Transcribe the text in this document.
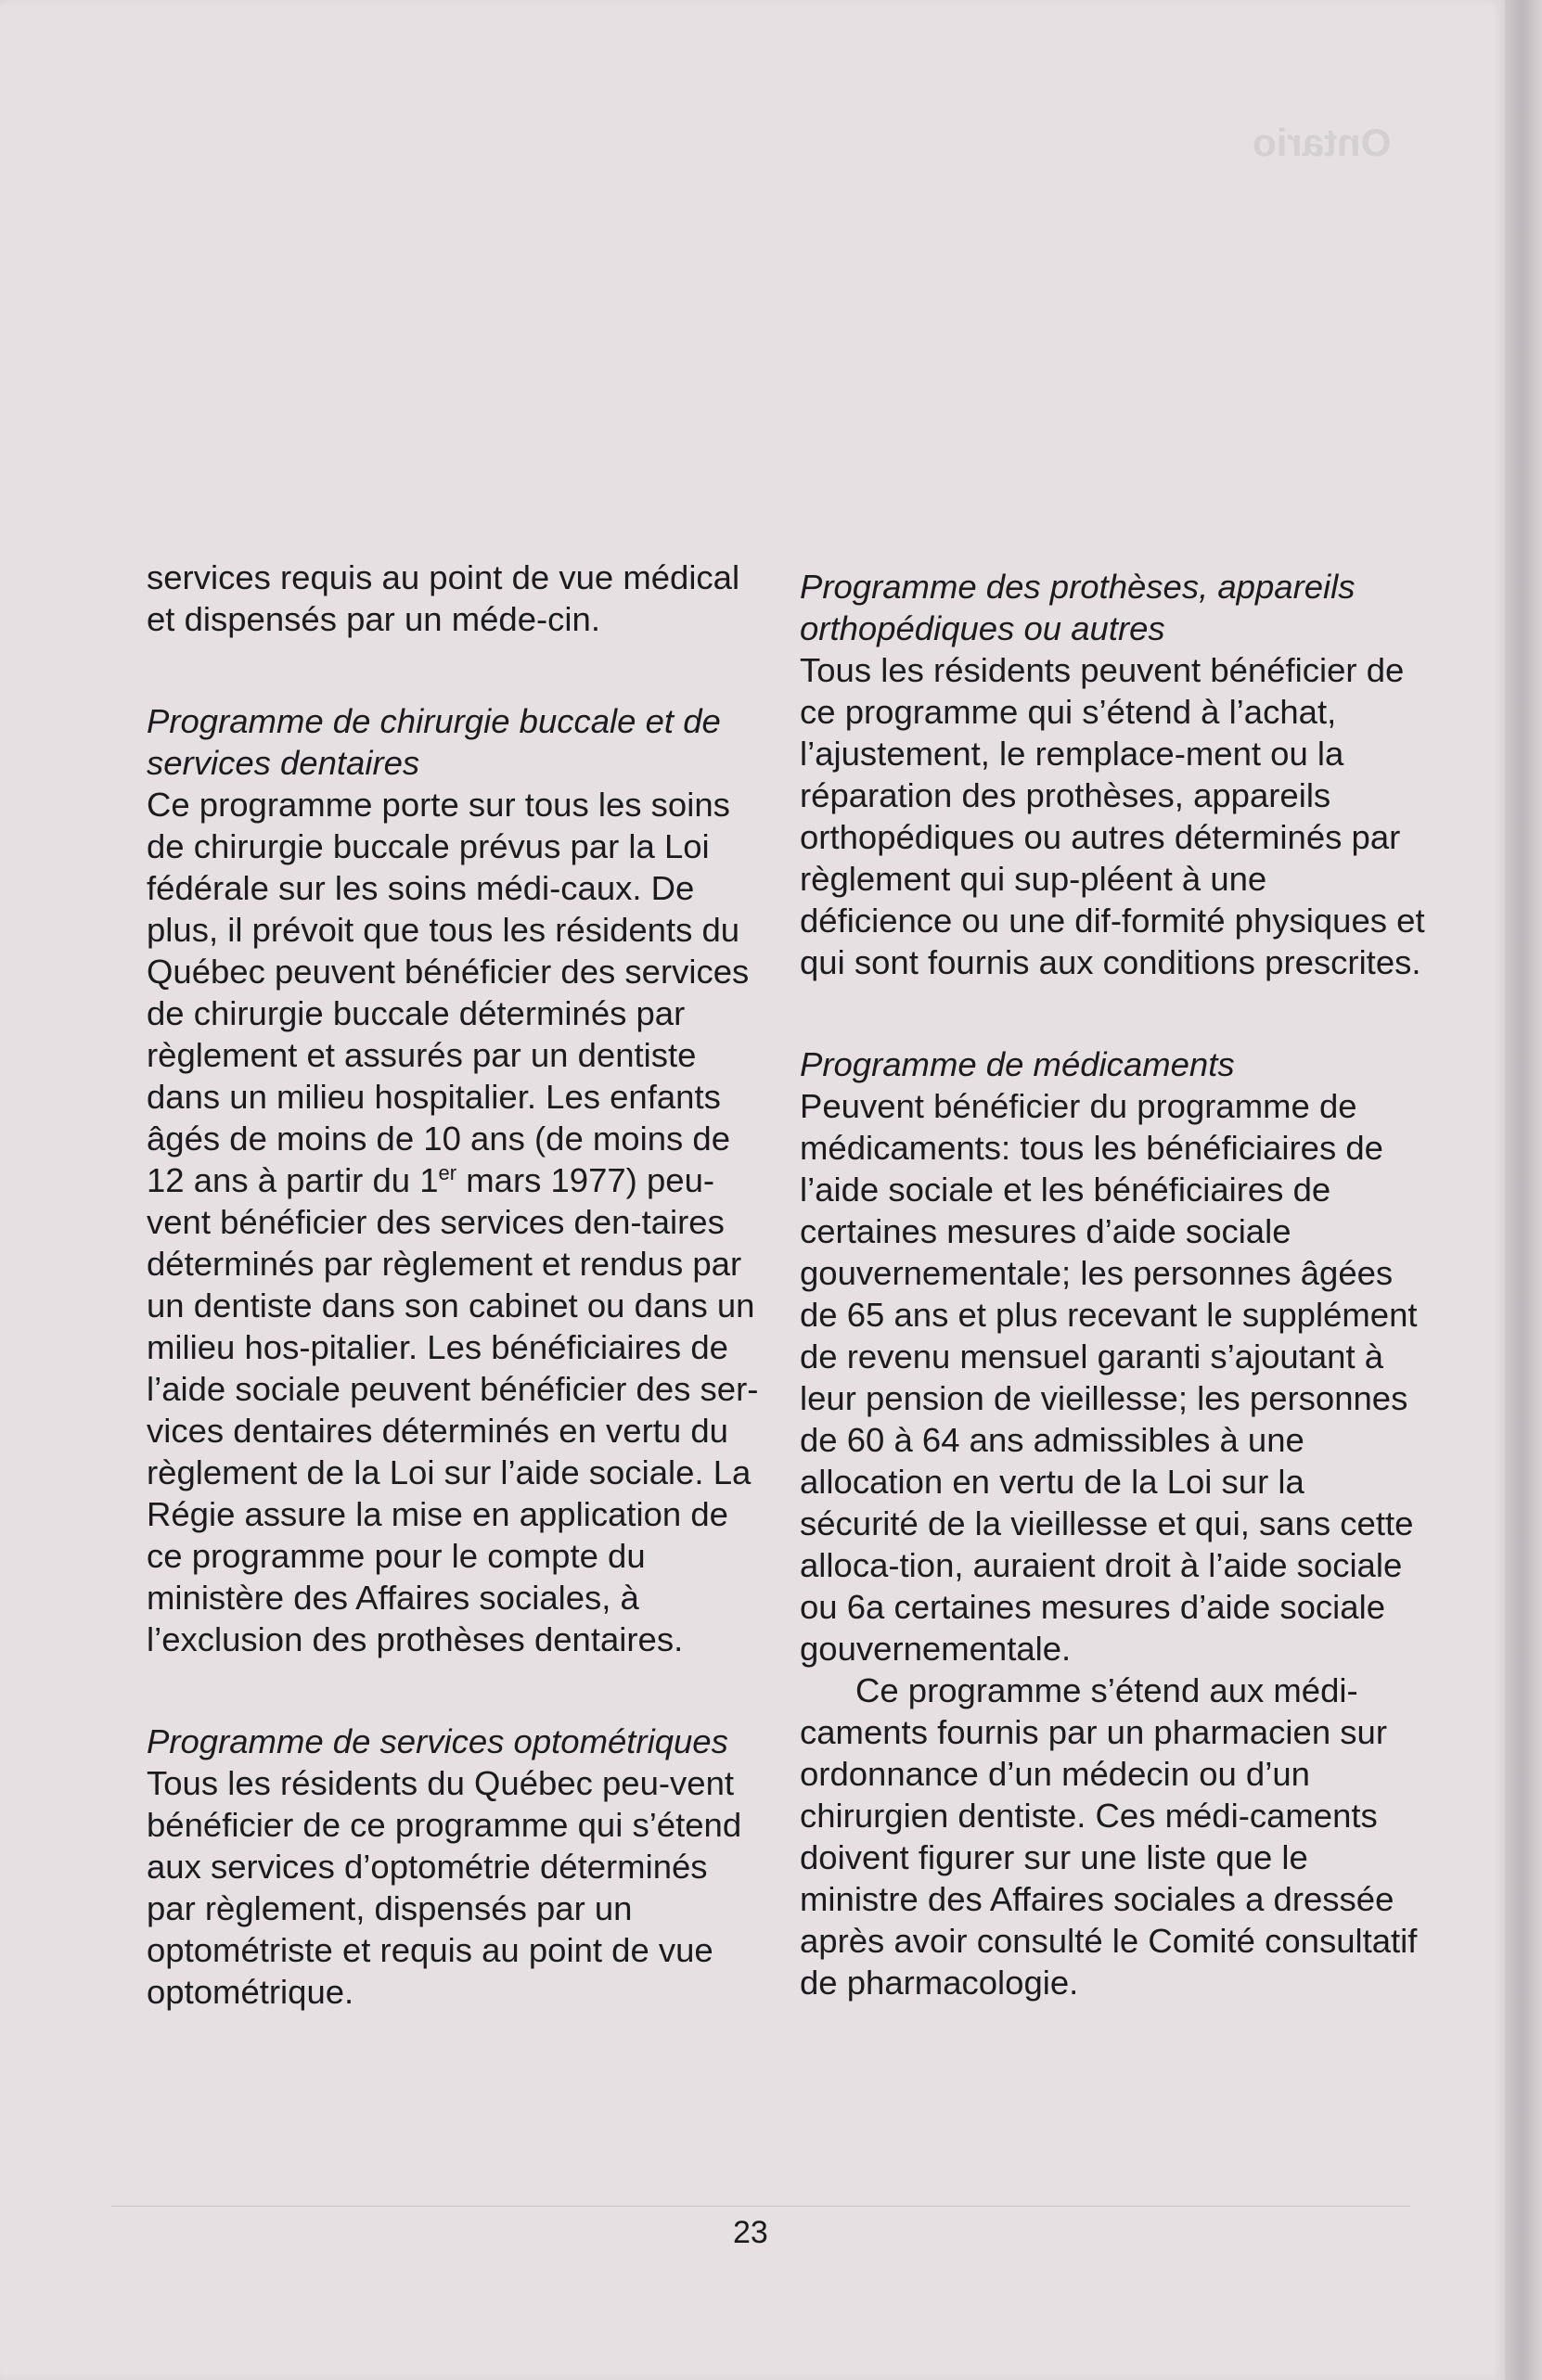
Ontario

services requis au point de vue médical et dispensés par un méde-cin.

Programme de chirurgie buccale et de services dentaires

Ce programme porte sur tous les soins de chirurgie buccale prévus par la Loi fédérale sur les soins médi-caux. De plus, il prévoit que tous les résidents du Québec peuvent bénéficier des services de chirurgie buccale déterminés par règlement et assurés par un dentiste dans un milieu hospitalier. Les enfants âgés de moins de 10 ans (de moins de 12 ans à partir du 1er mars 1977) peu-vent bénéficier des services den-taires déterminés par règlement et rendus par un dentiste dans son cabinet ou dans un milieu hos-pitalier. Les bénéficiaires de l’aide sociale peuvent bénéficier des ser-vices dentaires déterminés en vertu du règlement de la Loi sur l’aide sociale. La Régie assure la mise en application de ce programme pour le compte du ministère des Affaires sociales, à l’exclusion des prothèses dentaires.

Programme de services optométriques

Tous les résidents du Québec peu-vent bénéficier de ce programme qui s’étend aux services d’optométrie déterminés par règlement, dispensés par un optométriste et requis au point de vue optométrique.

Programme des prothèses, appareils orthopédiques ou autres

Tous les résidents peuvent bénéficier de ce programme qui s’étend à l’achat, l’ajustement, le remplace-ment ou la réparation des prothèses, appareils orthopédiques ou autres déterminés par règlement qui sup-pléent à une déficience ou une dif-formité physiques et qui sont fournis aux conditions prescrites.

Programme de médicaments

Peuvent bénéficier du programme de médicaments: tous les bénéficiaires de l’aide sociale et les bénéficiaires de certaines mesures d’aide sociale gouvernementale; les personnes âgées de 65 ans et plus recevant le supplément de revenu mensuel garanti s’ajoutant à leur pension de vieillesse; les personnes de 60 à 64 ans admissibles à une allocation en vertu de la Loi sur la sécurité de la vieillesse et qui, sans cette alloca-tion, auraient droit à l’aide sociale ou 6a certaines mesures d’aide sociale gouvernementale.

Ce programme s’étend aux médi-caments fournis par un pharmacien sur ordonnance d’un médecin ou d’un chirurgien dentiste. Ces médi-caments doivent figurer sur une liste que le ministre des Affaires sociales a dressée après avoir consulté le Comité consultatif de pharmacologie.

23
